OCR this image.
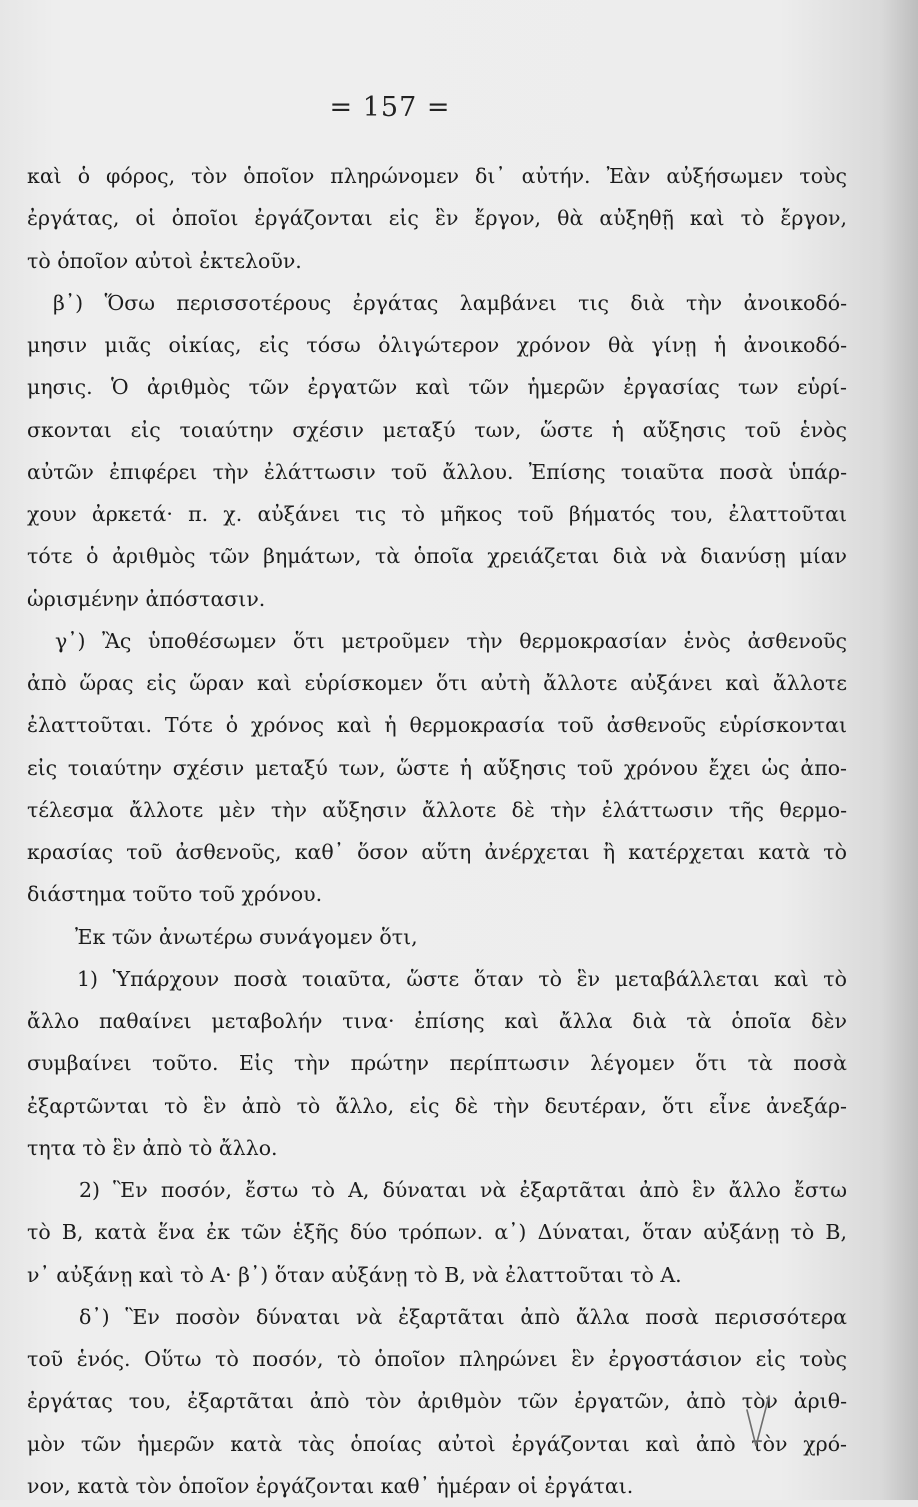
= 157 =
καὶ ὁ φόρος, τὸν ὁποῖον πληρώνομεν δι᾽ αὐτήν. Ἐὰν αὐξήσωμεν τοὺς
ἐργάτας, οἱ ὁποῖοι ἐργάζονται εἰς ἓν ἔργον, θὰ αὐξηθῇ καὶ τὸ ἔργον,
τὸ ὁποῖον αὐτοὶ ἐκτελοῦν.
β᾽) Ὅσω περισσοτέρους ἐργάτας λαμβάνει τις διὰ τὴν ἀνοικοδό-
μησιν μιᾶς οἰκίας, εἰς τόσω ὀλιγώτερον χρόνον θὰ γίνῃ ἡ ἀνοικοδό-
μησις. Ὁ ἀριθμὸς τῶν ἐργατῶν καὶ τῶν ἡμερῶν ἐργασίας των εὑρί-
σκονται εἰς τοιαύτην σχέσιν μεταξύ των, ὥστε ἡ αὔξησις τοῦ ἑνὸς
αὐτῶν ἐπιφέρει τὴν ἐλάττωσιν τοῦ ἄλλου. Ἐπίσης τοιαῦτα ποσὰ ὑπάρ-
χουν ἀρκετά· π. χ. αὐξάνει τις τὸ μῆκος τοῦ βήματός του, ἐλαττοῦται
τότε ὁ ἀριθμὸς τῶν βημάτων, τὰ ὁποῖα χρειάζεται διὰ νὰ διανύσῃ μίαν
ὡρισμένην ἀπόστασιν.
γ᾽) Ἂς ὑποθέσωμεν ὅτι μετροῦμεν τὴν θερμοκρασίαν ἑνὸς ἀσθενοῦς
ἀπὸ ὥρας εἰς ὥραν καὶ εὑρίσκομεν ὅτι αὐτὴ ἄλλοτε αὐξάνει καὶ ἄλλοτε
ἐλαττοῦται. Τότε ὁ χρόνος καὶ ἡ θερμοκρασία τοῦ ἀσθενοῦς εὑρίσκονται
εἰς τοιαύτην σχέσιν μεταξύ των, ὥστε ἡ αὔξησις τοῦ χρόνου ἔχει ὡς ἀπο-
τέλεσμα ἄλλοτε μὲν τὴν αὔξησιν ἄλλοτε δὲ τὴν ἐλάττωσιν τῆς θερμο-
κρασίας τοῦ ἀσθενοῦς, καθ᾽ ὅσον αὕτη ἀνέρχεται ἢ κατέρχεται κατὰ τὸ
διάστημα τοῦτο τοῦ χρόνου.
Ἐκ τῶν ἀνωτέρω συνάγομεν ὅτι,
1) Ὑπάρχουν ποσὰ τοιαῦτα, ὥστε ὅταν τὸ ἓν μεταβάλλεται καὶ τὸ
ἄλλο παθαίνει μεταβολήν τινα· ἐπίσης καὶ ἄλλα διὰ τὰ ὁποῖα δὲν
συμβαίνει τοῦτο. Εἰς τὴν πρώτην περίπτωσιν λέγομεν ὅτι τὰ ποσὰ
ἐξαρτῶνται τὸ ἓν ἀπὸ τὸ ἄλλο, εἰς δὲ τὴν δευτέραν, ὅτι εἶνε ἀνεξάρ-
τητα τὸ ἓν ἀπὸ τὸ ἄλλο.
2) Ἓν ποσόν, ἔστω τὸ Α, δύναται νὰ ἐξαρτᾶται ἀπὸ ἓν ἄλλο ἔστω
τὸ Β, κατὰ ἕνα ἐκ τῶν ἑξῆς δύο τρόπων. α᾽) Δύναται, ὅταν αὐξάνῃ τὸ Β,
ν᾽ αὐξάνῃ καὶ τὸ Α· β᾽) ὅταν αὐξάνῃ τὸ Β, νὰ ἐλαττοῦται τὸ Α.
δ᾽) Ἓν ποσὸν δύναται νὰ ἐξαρτᾶται ἀπὸ ἄλλα ποσὰ περισσότερα
τοῦ ἑνός. Οὕτω τὸ ποσόν, τὸ ὁποῖον πληρώνει ἓν ἐργοστάσιον εἰς τοὺς
ἐργάτας του, ἐξαρτᾶται ἀπὸ τὸν ἀριθμὸν τῶν ἐργατῶν, ἀπὸ τὸν ἀριθ-
μὸν τῶν ἡμερῶν κατὰ τὰς ὁποίας αὐτοὶ ἐργάζονται καὶ ἀπὸ τὸν χρό-
νον, κατὰ τὸν ὁποῖον ἐργάζονται καθ᾽ ἡμέραν οἱ ἐργάται.
